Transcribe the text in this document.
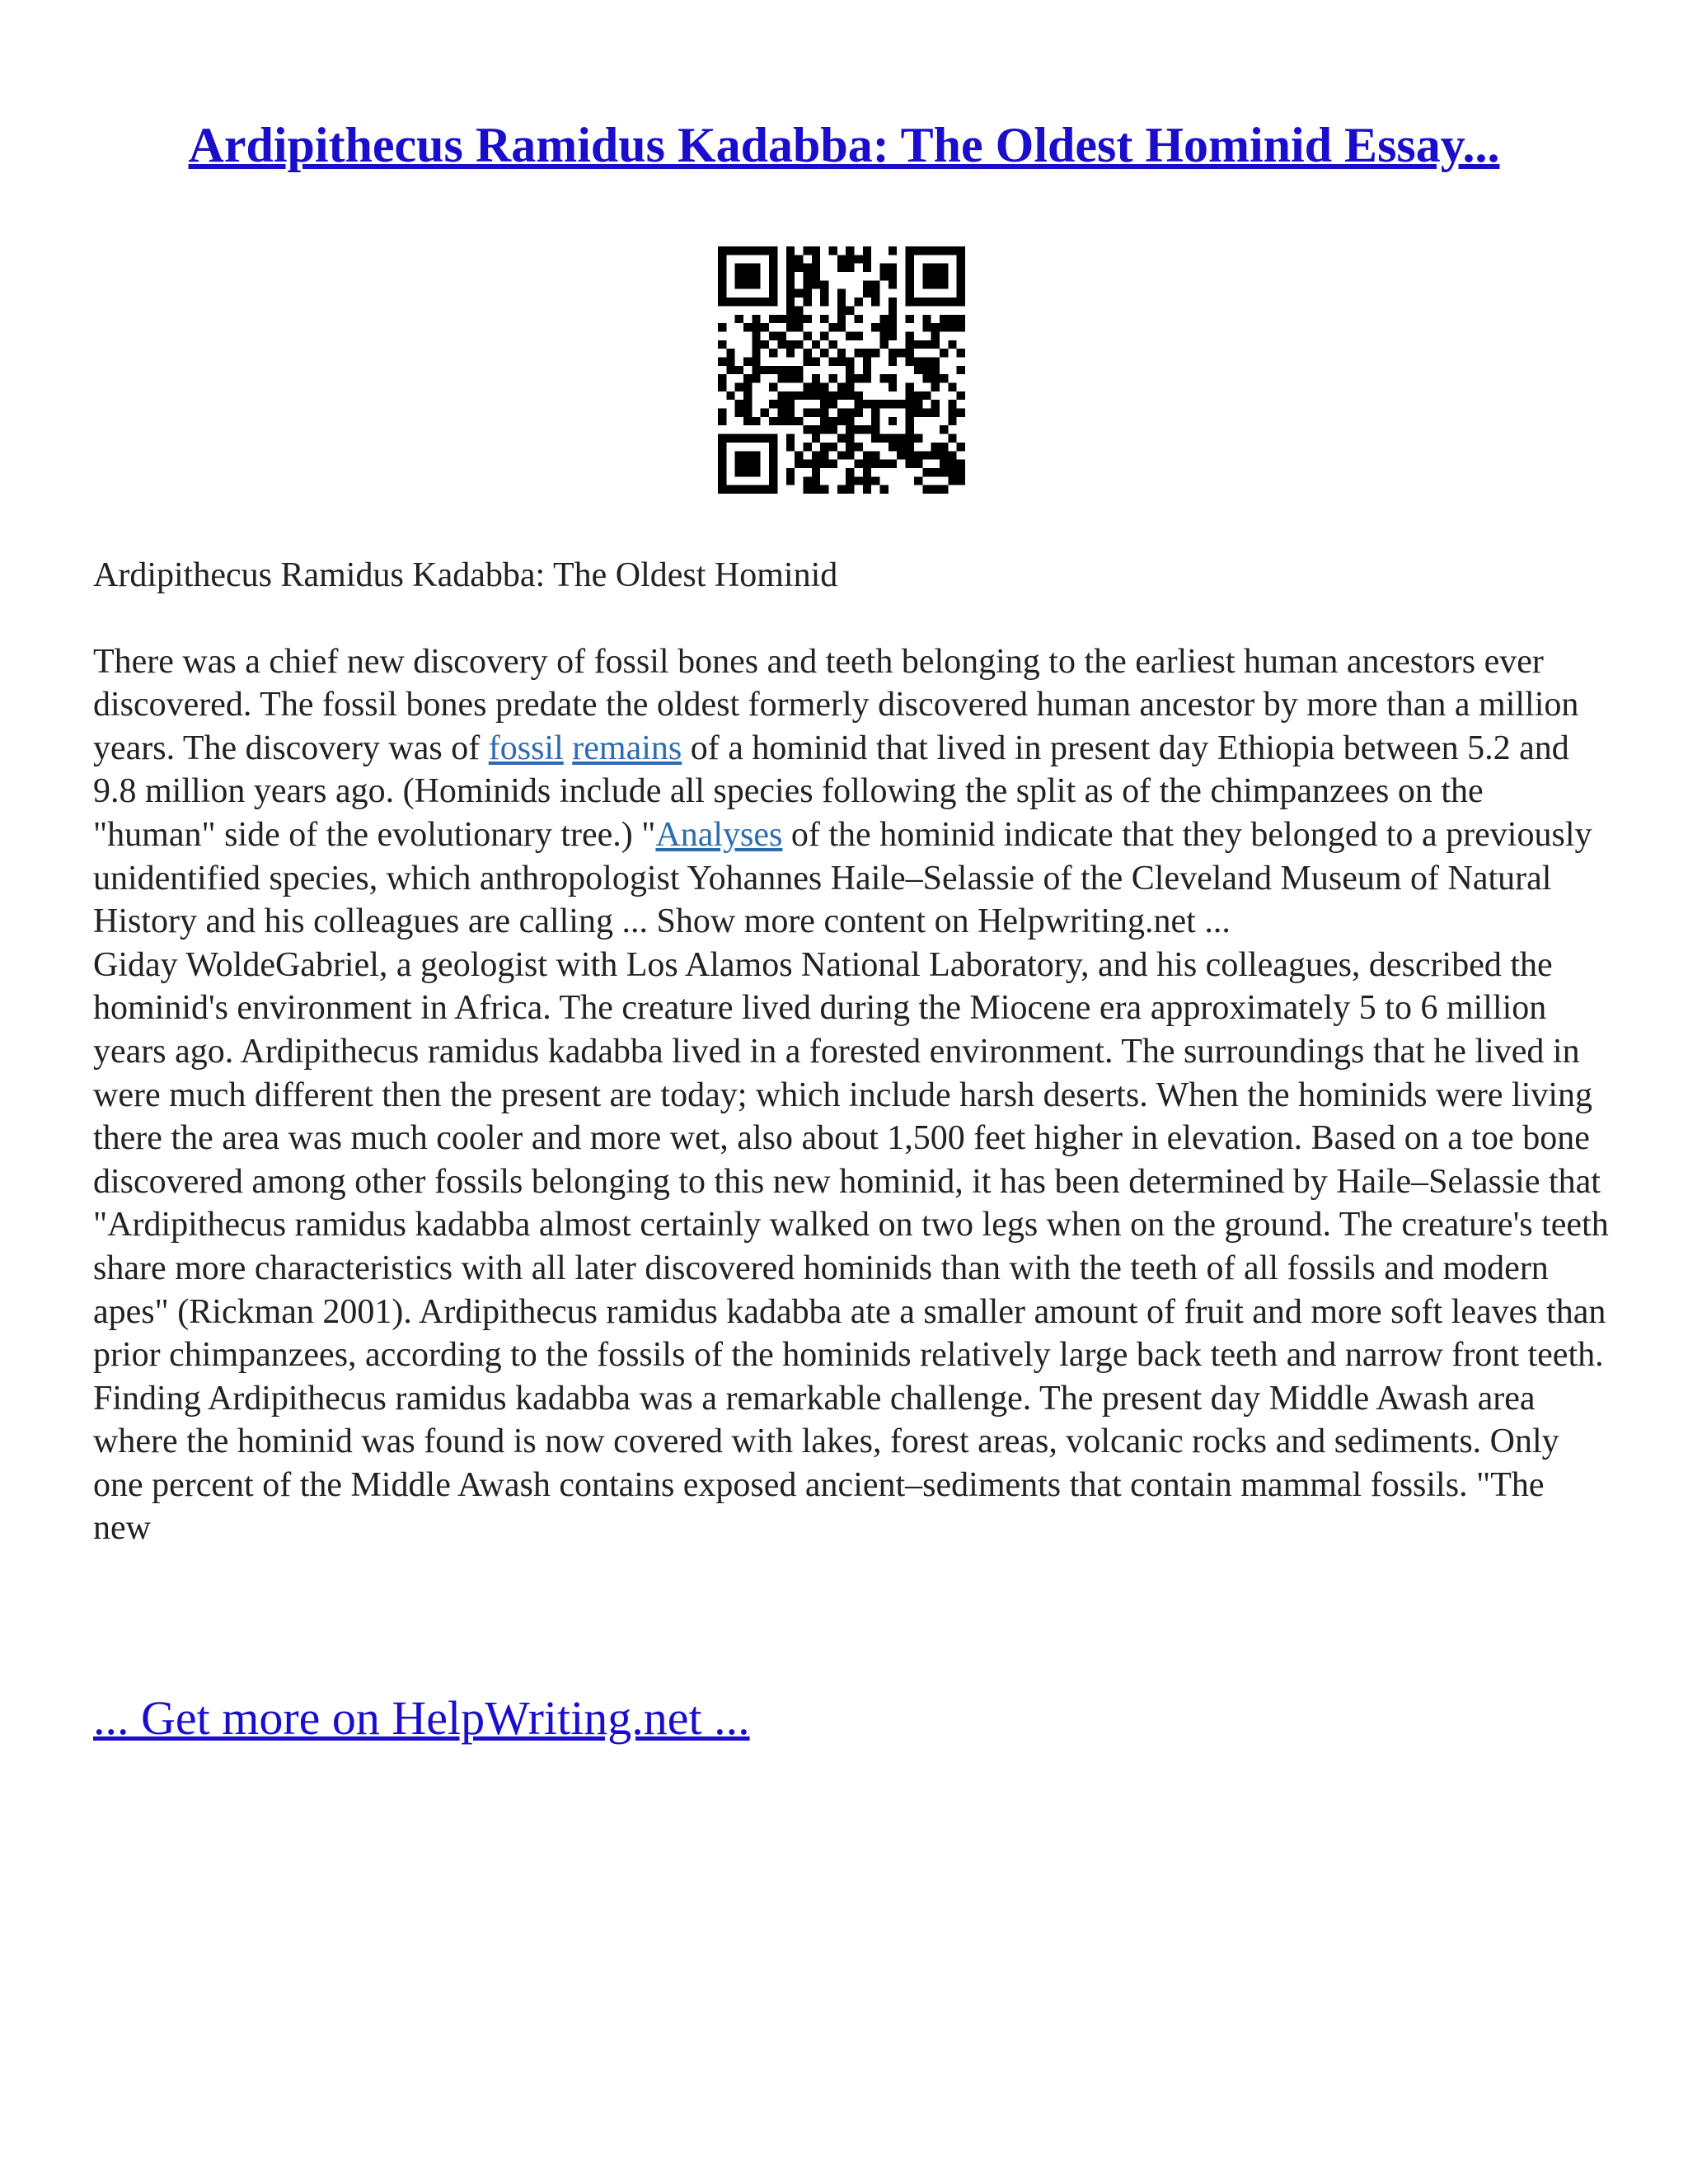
Ardipithecus Ramidus Kadabba: The Oldest Hominid Essay...

Ardipithecus Ramidus Kadabba: The Oldest Hominid

There was a chief new discovery of fossil bones and teeth belonging to the earliest human ancestors ever discovered. The fossil bones predate the oldest formerly discovered human ancestor by more than a million years. The discovery was of fossil remains of a hominid that lived in present day Ethiopia between 5.2 and 9.8 million years ago. (Hominids include all species following the split as of the chimpanzees on the "human" side of the evolutionary tree.) "Analyses of the hominid indicate that they belonged to a previously unidentified species, which anthropologist Yohannes Haile–Selassie of the Cleveland Museum of Natural History and his colleagues are calling ... Show more content on Helpwriting.net ...

Giday WoldeGabriel, a geologist with Los Alamos National Laboratory, and his colleagues, described the hominid's environment in Africa. The creature lived during the Miocene era approximately 5 to 6 million years ago. Ardipithecus ramidus kadabba lived in a forested environment. The surroundings that he lived in were much different then the present are today; which include harsh deserts. When the hominids were living there the area was much cooler and more wet, also about 1,500 feet higher in elevation. Based on a toe bone discovered among other fossils belonging to this new hominid, it has been determined by Haile–Selassie that "Ardipithecus ramidus kadabba almost certainly walked on two legs when on the ground. The creature's teeth share more characteristics with all later discovered hominids than with the teeth of all fossils and modern apes" (Rickman 2001). Ardipithecus ramidus kadabba ate a smaller amount of fruit and more soft leaves than prior chimpanzees, according to the fossils of the hominids relatively large back teeth and narrow front teeth. Finding Ardipithecus ramidus kadabba was a remarkable challenge. The present day Middle Awash area where the hominid was found is now covered with lakes, forest areas, volcanic rocks and sediments. Only one percent of the Middle Awash contains exposed ancient–sediments that contain mammal fossils. "The new

... Get more on HelpWriting.net ...
